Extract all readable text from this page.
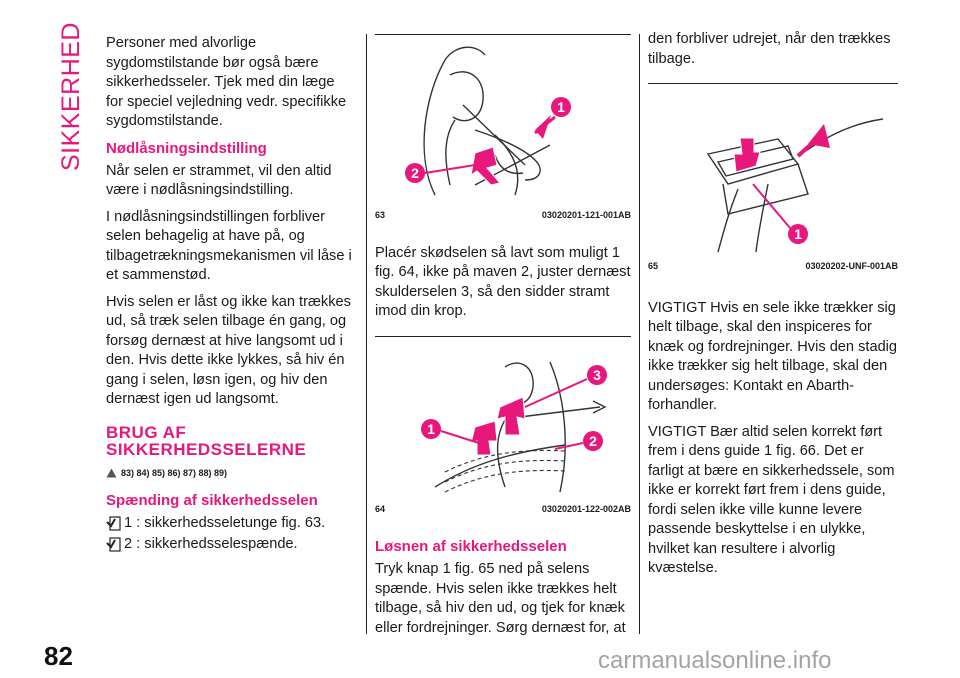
SIKKERHED Personer med alvorlige sygdomstilstande bør også bære sikkerhedsseler. Tjek med din læge for speciel vejledning vedr. specifikke sygdomstilstande.

Nødlåsningsindstilling

Når selen er strammet, vil den altid være i nødlåsningsindstilling.

I nødlåsningsindstillingen forbliver selen behagelig at have på, og tilbagetrækningsmekanismen vil låse i et sammenstød.

Hvis selen er låst og ikke kan trækkes ud, så træk selen tilbage én gang, og forsøg dernæst at hive langsomt ud i den. Hvis dette ikke lykkes, så hiv én gang i selen, løsn igen, og hiv den dernæst igen ud langsomt.

BRUG AF
SIKKERHEDSSELERNE
83) 84) 85) 86) 87) 88) 89)
Spænding af sikkerhedsselen
1 : sikkerhedsseletunge fig. 63.
2 : sikkerhedsselespænde.
1
2
63	03020201-121-001AB

Placér skødselen så lavt som muligt 1 fig. 64, ikke på maven 2, juster dernæst skulderselen 3, så den sidder stramt imod din krop.

3
1
2
64	03020201-122-002AB
Løsnen af sikkerhedsselen

Tryk knap 1 fig. 65 ned på selens spænde. Hvis selen ikke trækkes helt tilbage, så hiv den ud, og tjek for knæk eller fordrejninger. Sørg dernæst for, at

den forbliver udrejet, når den trækkes tilbage.

1
65	03020202-UNF-001AB

VIGTIGT Hvis en sele ikke trækker sig helt tilbage, skal den inspiceres for knæk og fordrejninger. Hvis den stadig ikke trækker sig helt tilbage, skal den undersøges: Kontakt en Abarth-forhandler.

VIGTIGT Bær altid selen korrekt ført frem i dens guide 1 fig. 66. Det er farligt at bære en sikkerhedssele, som ikke er korrekt ført frem i dens guide, fordi selen ikke ville kunne levere passende beskyttelse i en ulykke, hvilket kan resultere i alvorlig kvæstelse.

82	carmanualsonline.info
